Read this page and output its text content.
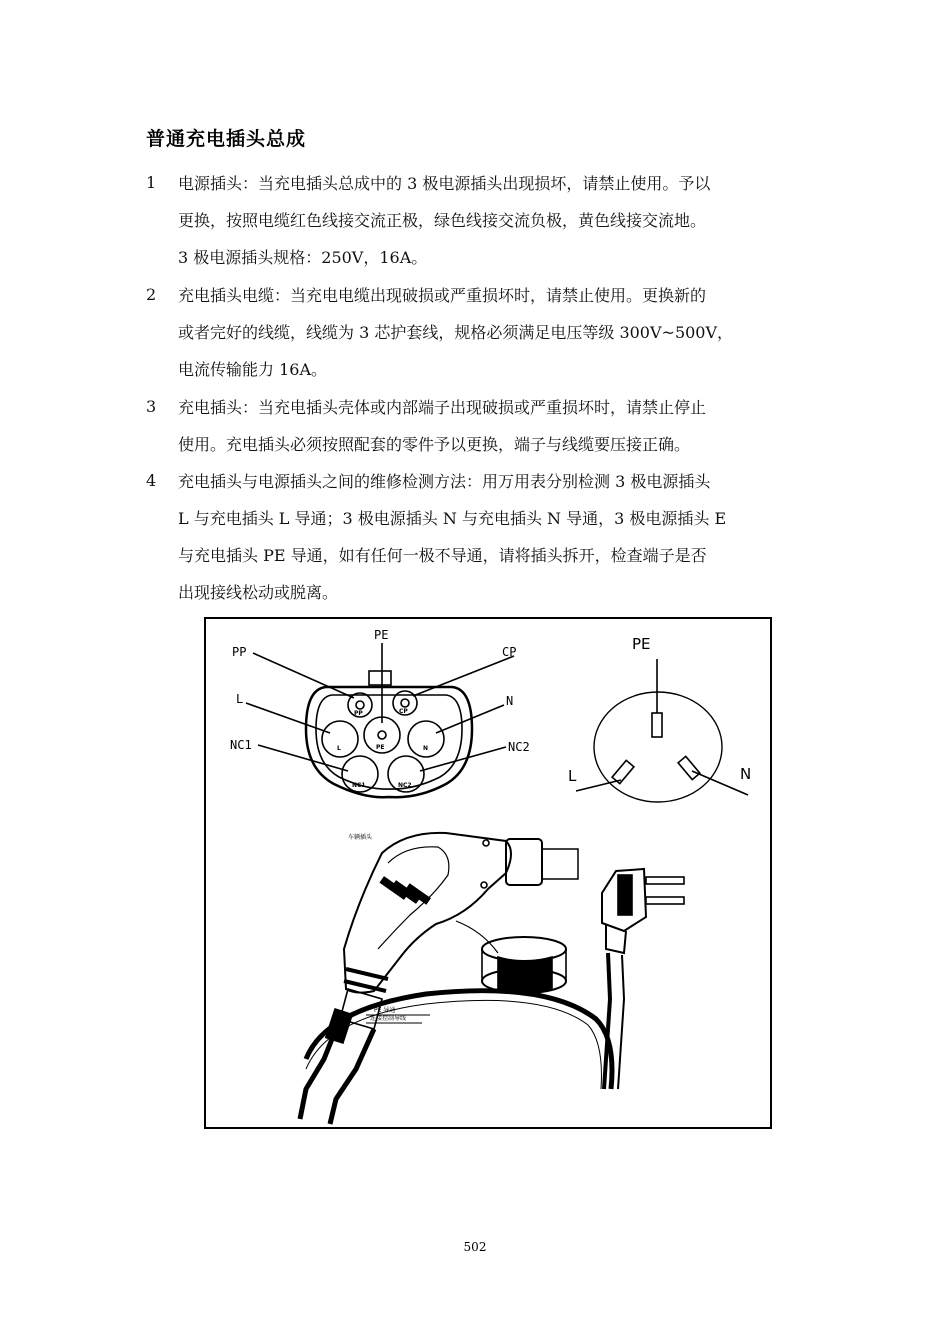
普通充电插头总成
1	电源插头：当充电插头总成中的 3 极电源插头出现损坏，请禁止使用。予以
更换，按照电缆红色线接交流正极，绿色线接交流负极，黄色线接交流地。
3 极电源插头规格：250V，16A。
2	充电插头电缆：当充电电缆出现破损或严重损坏时，请禁止使用。更换新的
或者完好的线缆，线缆为 3 芯护套线，规格必须满足电压等级 300V~500V，
电流传输能力 16A。
3	充电插头：当充电插头壳体或内部端子出现破损或严重损坏时，请禁止停止
使用。充电插头必须按照配套的零件予以更换，端子与线缆要压接正确。
4	充电插头与电源插头之间的维修检测方法：用万用表分别检测 3 极电源插头
L 与充电插头 L 导通；3 极电源插头 N 与充电插头 N 导通，3 极电源插头 E
与充电插头 PE 导通，如有任何一极不导通，请将插头拆开，检查端子是否
出现接线松动或脱离。
PE
PP	CP
L	N
NC1	NC2
PP	CP
L	PE	N
NC1	NC2
PE
L	N
车辆插头
PE 导通
连接控制导线
502
